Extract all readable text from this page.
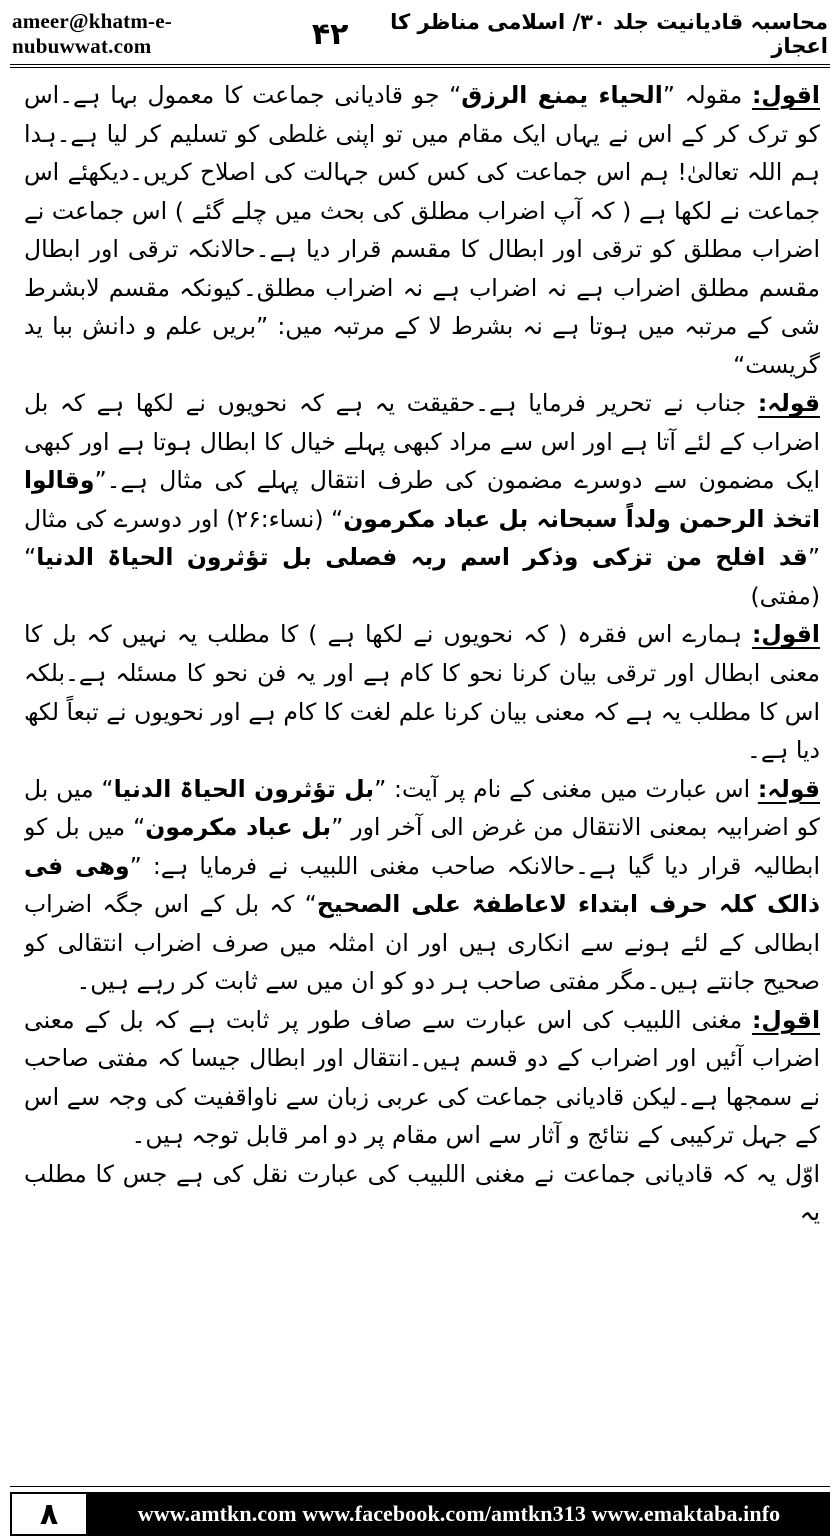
ameer@khatm-e-nubuwwat.com	۴۲	محاسبہ قادیانیت جلد ۳۰/ اسلامی مناظر کا اعجاز

اقول: مقولہ ”الحیاء یمنع الرزق“ جو قادیانی جماعت کا معمول بہا ہے۔اس کو ترک کر کے اس نے یہاں ایک مقام میں تو اپنی غلطی کو تسلیم کر لیا ہے۔ہدا ہم اللہ تعالیٰ! ہم اس جماعت کی کس کس جہالت کی اصلاح کریں۔دیکھئے اس جماعت نے لکھا ہے ( کہ آپ اضراب مطلق کی بحث میں چلے گئے ) اس جماعت نے اضراب مطلق کو ترقی اور ابطال کا مقسم قرار دیا ہے۔حالانکہ ترقی اور ابطال مقسم مطلق اضراب ہے نہ اضراب ہے نہ اضراب مطلق۔کیونکہ مقسم لابشرط شی کے مرتبہ میں ہوتا ہے نہ بشرط لا کے مرتبہ میں: ”بریں علم و دانش ببا ید گریست“

قولہ: جناب نے تحریر فرمایا ہے۔حقیقت یہ ہے کہ نحویوں نے لکھا ہے کہ بل اضراب کے لئے آتا ہے اور اس سے مراد کبھی پہلے خیال کا ابطال ہوتا ہے اور کبھی ایک مضمون سے دوسرے مضمون کی طرف انتقال پہلے کی مثال ہے۔”وقالوا اتخذ الرحمن ولداً سبحانہ بل عباد مکرمون“ (نساء:۲۶) اور دوسرے کی مثال ”قد افلح من تزکی وذکر اسم ربہ فصلی بل تؤثرون الحیاۃ الدنیا“ (مفتی)

اقول: ہمارے اس فقرہ ( کہ نحویوں نے لکھا ہے ) کا مطلب یہ نہیں کہ بل کا معنی ابطال اور ترقی بیان کرنا نحو کا کام ہے اور یہ فن نحو کا مسئلہ ہے۔بلکہ اس کا مطلب یہ ہے کہ معنی بیان کرنا علم لغت کا کام ہے اور نحویوں نے تبعاً لکھ دیا ہے۔

قولہ: اس عبارت میں مغنی کے نام پر آیت: ”بل تؤثرون الحیاۃ الدنیا“ میں بل کو اضرابیہ بمعنی الانتقال من غرض الی آخر اور ”بل عباد مکرمون“ میں بل کو ابطالیہ قرار دیا گیا ہے۔حالانکہ صاحب مغنی اللبیب نے فرمایا ہے: ”وھی فی ذالک کلہ حرف ابتداء لاعاطفۃ علی الصحیح“ کہ بل کے اس جگہ اضراب ابطالی کے لئے ہونے سے انکاری ہیں اور ان امثلہ میں صرف اضراب انتقالی کو صحیح جانتے ہیں۔مگر مفتی صاحب ہر دو کو ان میں سے ثابت کر رہے ہیں۔

اقول: مغنی اللبیب کی اس عبارت سے صاف طور پر ثابت ہے کہ بل کے معنی اضراب آئیں اور اضراب کے دو قسم ہیں۔انتقال اور ابطال جیسا کہ مفتی صاحب نے سمجھا ہے۔لیکن قادیانی جماعت کی عربی زبان سے ناواقفیت کی وجہ سے اس کے جہل ترکیبی کے نتائج و آثار سے اس مقام پر دو امر قابل توجہ ہیں۔

اوّل یہ کہ قادیانی جماعت نے مغنی اللبیب کی عبارت نقل کی ہے جس کا مطلب یہ

۸	www.amtkn.com www.facebook.com/amtkn313 www.emaktaba.info
